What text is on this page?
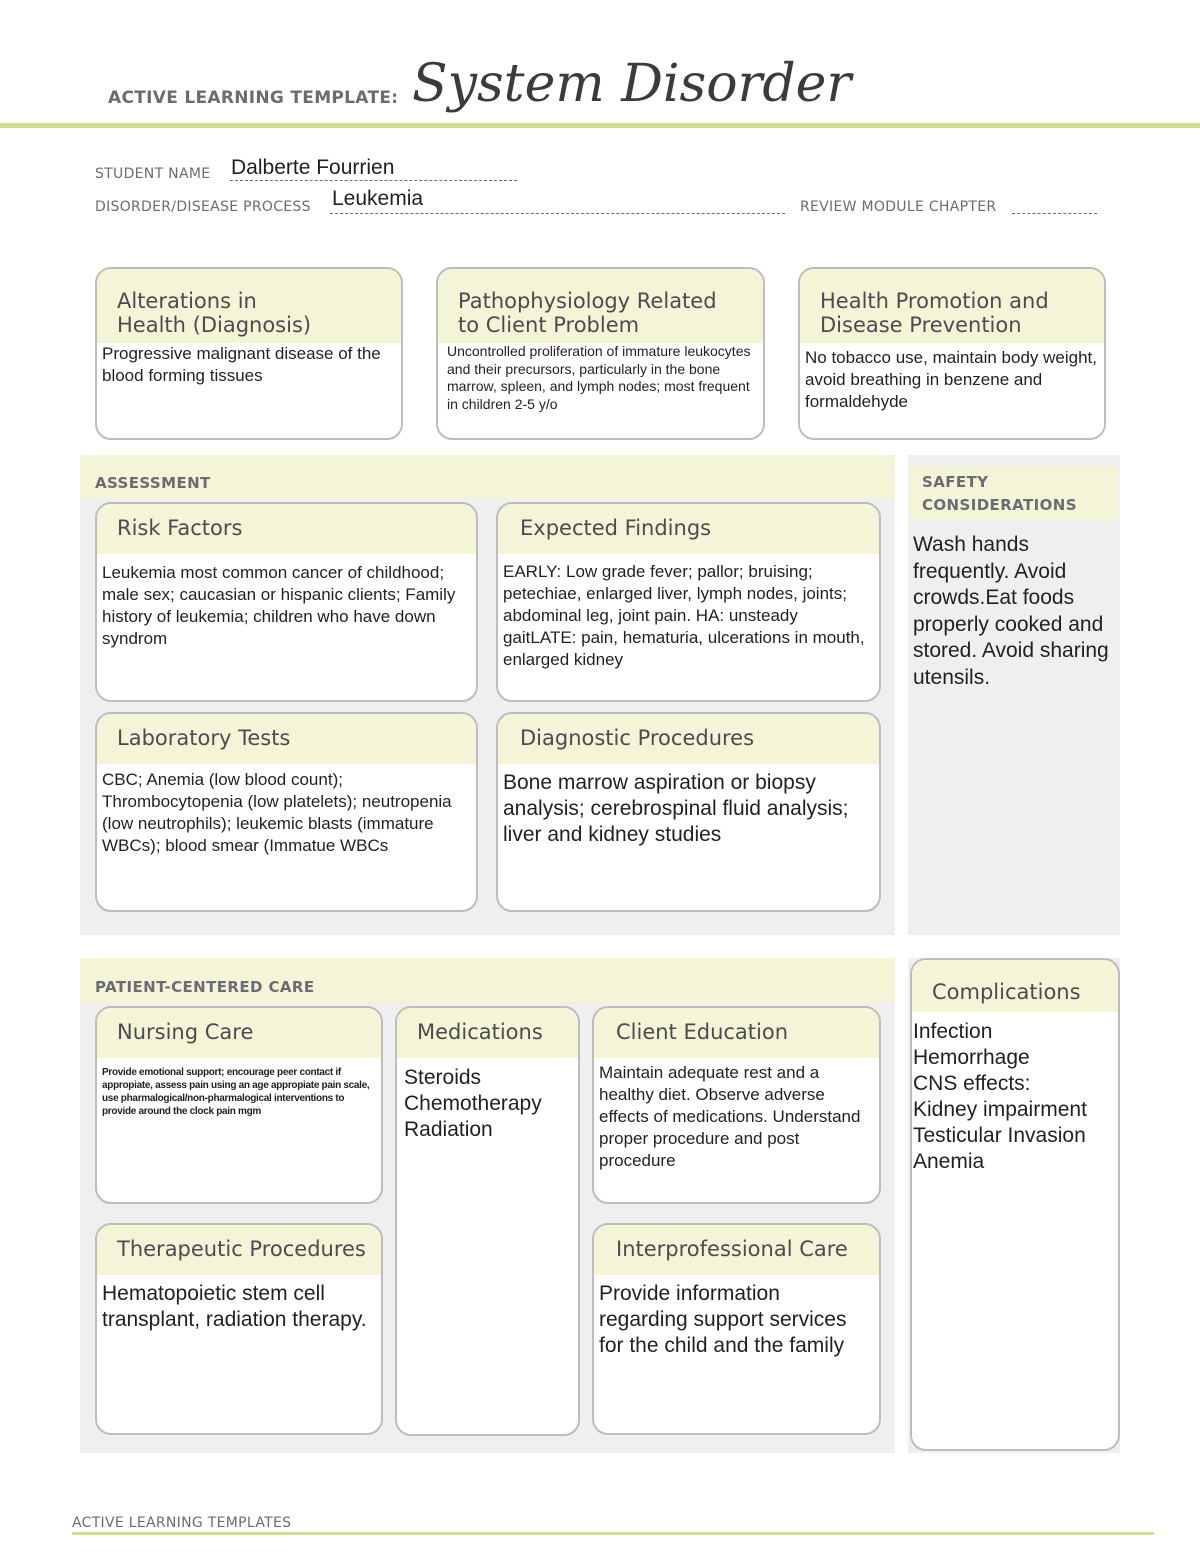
ACTIVE LEARNING TEMPLATE: System Disorder
STUDENT NAME Dalberte Fourrien
DISORDER/DISEASE PROCESS Leukemia	REVIEW MODULE CHAPTER
Alterations in
Health (Diagnosis)
Progressive malignant disease of the blood forming tissues
Pathophysiology Related
to Client Problem
Uncontrolled proliferation of immature leukocytes and their precursors, particularly in the bone marrow, spleen, and lymph nodes; most frequent in children 2-5 y/o
Health Promotion and
Disease Prevention
No tobacco use, maintain body weight, avoid breathing in benzene and formaldehyde
ASSESSMENT
Risk Factors
Leukemia most common cancer of childhood; male sex; caucasian or hispanic clients; Family history of leukemia; children who have down syndrom
Expected Findings
EARLY: Low grade fever; pallor; bruising; petechiae, enlarged liver, lymph nodes, joints; abdominal leg, joint pain. HA: unsteady gaitLATE: pain, hematuria, ulcerations in mouth, enlarged kidney
Laboratory Tests
CBC; Anemia (low blood count); Thrombocytopenia (low platelets); neutropenia (low neutrophils); leukemic blasts (immature WBCs); blood smear (Immatue WBCs
Diagnostic Procedures
Bone marrow aspiration or biopsy analysis; cerebrospinal fluid analysis; liver and kidney studies
SAFETY
CONSIDERATIONS
Wash hands frequently. Avoid crowds.Eat foods properly cooked and stored. Avoid sharing utensils.
PATIENT-CENTERED CARE
Nursing Care
Provide emotional support; encourage peer contact if appropiate, assess pain using an age appropiate pain scale, use pharmalogical/non-pharmalogical interventions to provide around the clock pain mgm
Medications
Steroids
Chemotherapy
Radiation
Client Education
Maintain adequate rest and a healthy diet. Observe adverse effects of medications. Understand proper procedure and post procedure
Therapeutic Procedures
Hematopoietic stem cell transplant, radiation therapy.
Interprofessional Care
Provide information regarding support services for the child and the family
Complications
Infection
Hemorrhage
CNS effects:
Kidney impairment
Testicular Invasion
Anemia
ACTIVE LEARNING TEMPLATES
